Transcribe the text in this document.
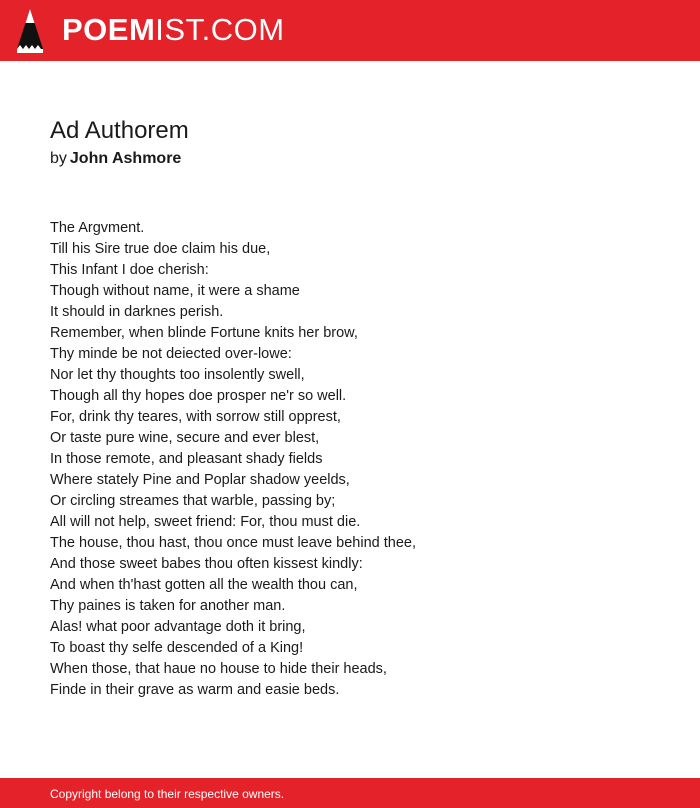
POEMIST.COM
Ad Authorem
by John Ashmore
The Argvment.
Till his Sire true doe claim his due,
This Infant I doe cherish:
Though without name, it were a shame
It should in darknes perish.
Remember, when blinde Fortune knits her brow,
Thy minde be not deiected over-lowe:
Nor let thy thoughts too insolently swell,
Though all thy hopes doe prosper ne'r so well.
For, drink thy teares, with sorrow still opprest,
Or taste pure wine, secure and ever blest,
In those remote, and pleasant shady fields
Where stately Pine and Poplar shadow yeelds,
Or circling streames that warble, passing by;
All will not help, sweet friend: For, thou must die.
The house, thou hast, thou once must leave behind thee,
And those sweet babes thou often kissest kindly:
And when th'hast gotten all the wealth thou can,
Thy paines is taken for another man.
Alas! what poor advantage doth it bring,
To boast thy selfe descended of a King!
When those, that haue no house to hide their heads,
Finde in their grave as warm and easie beds.
Copyright belong to their respective owners.
